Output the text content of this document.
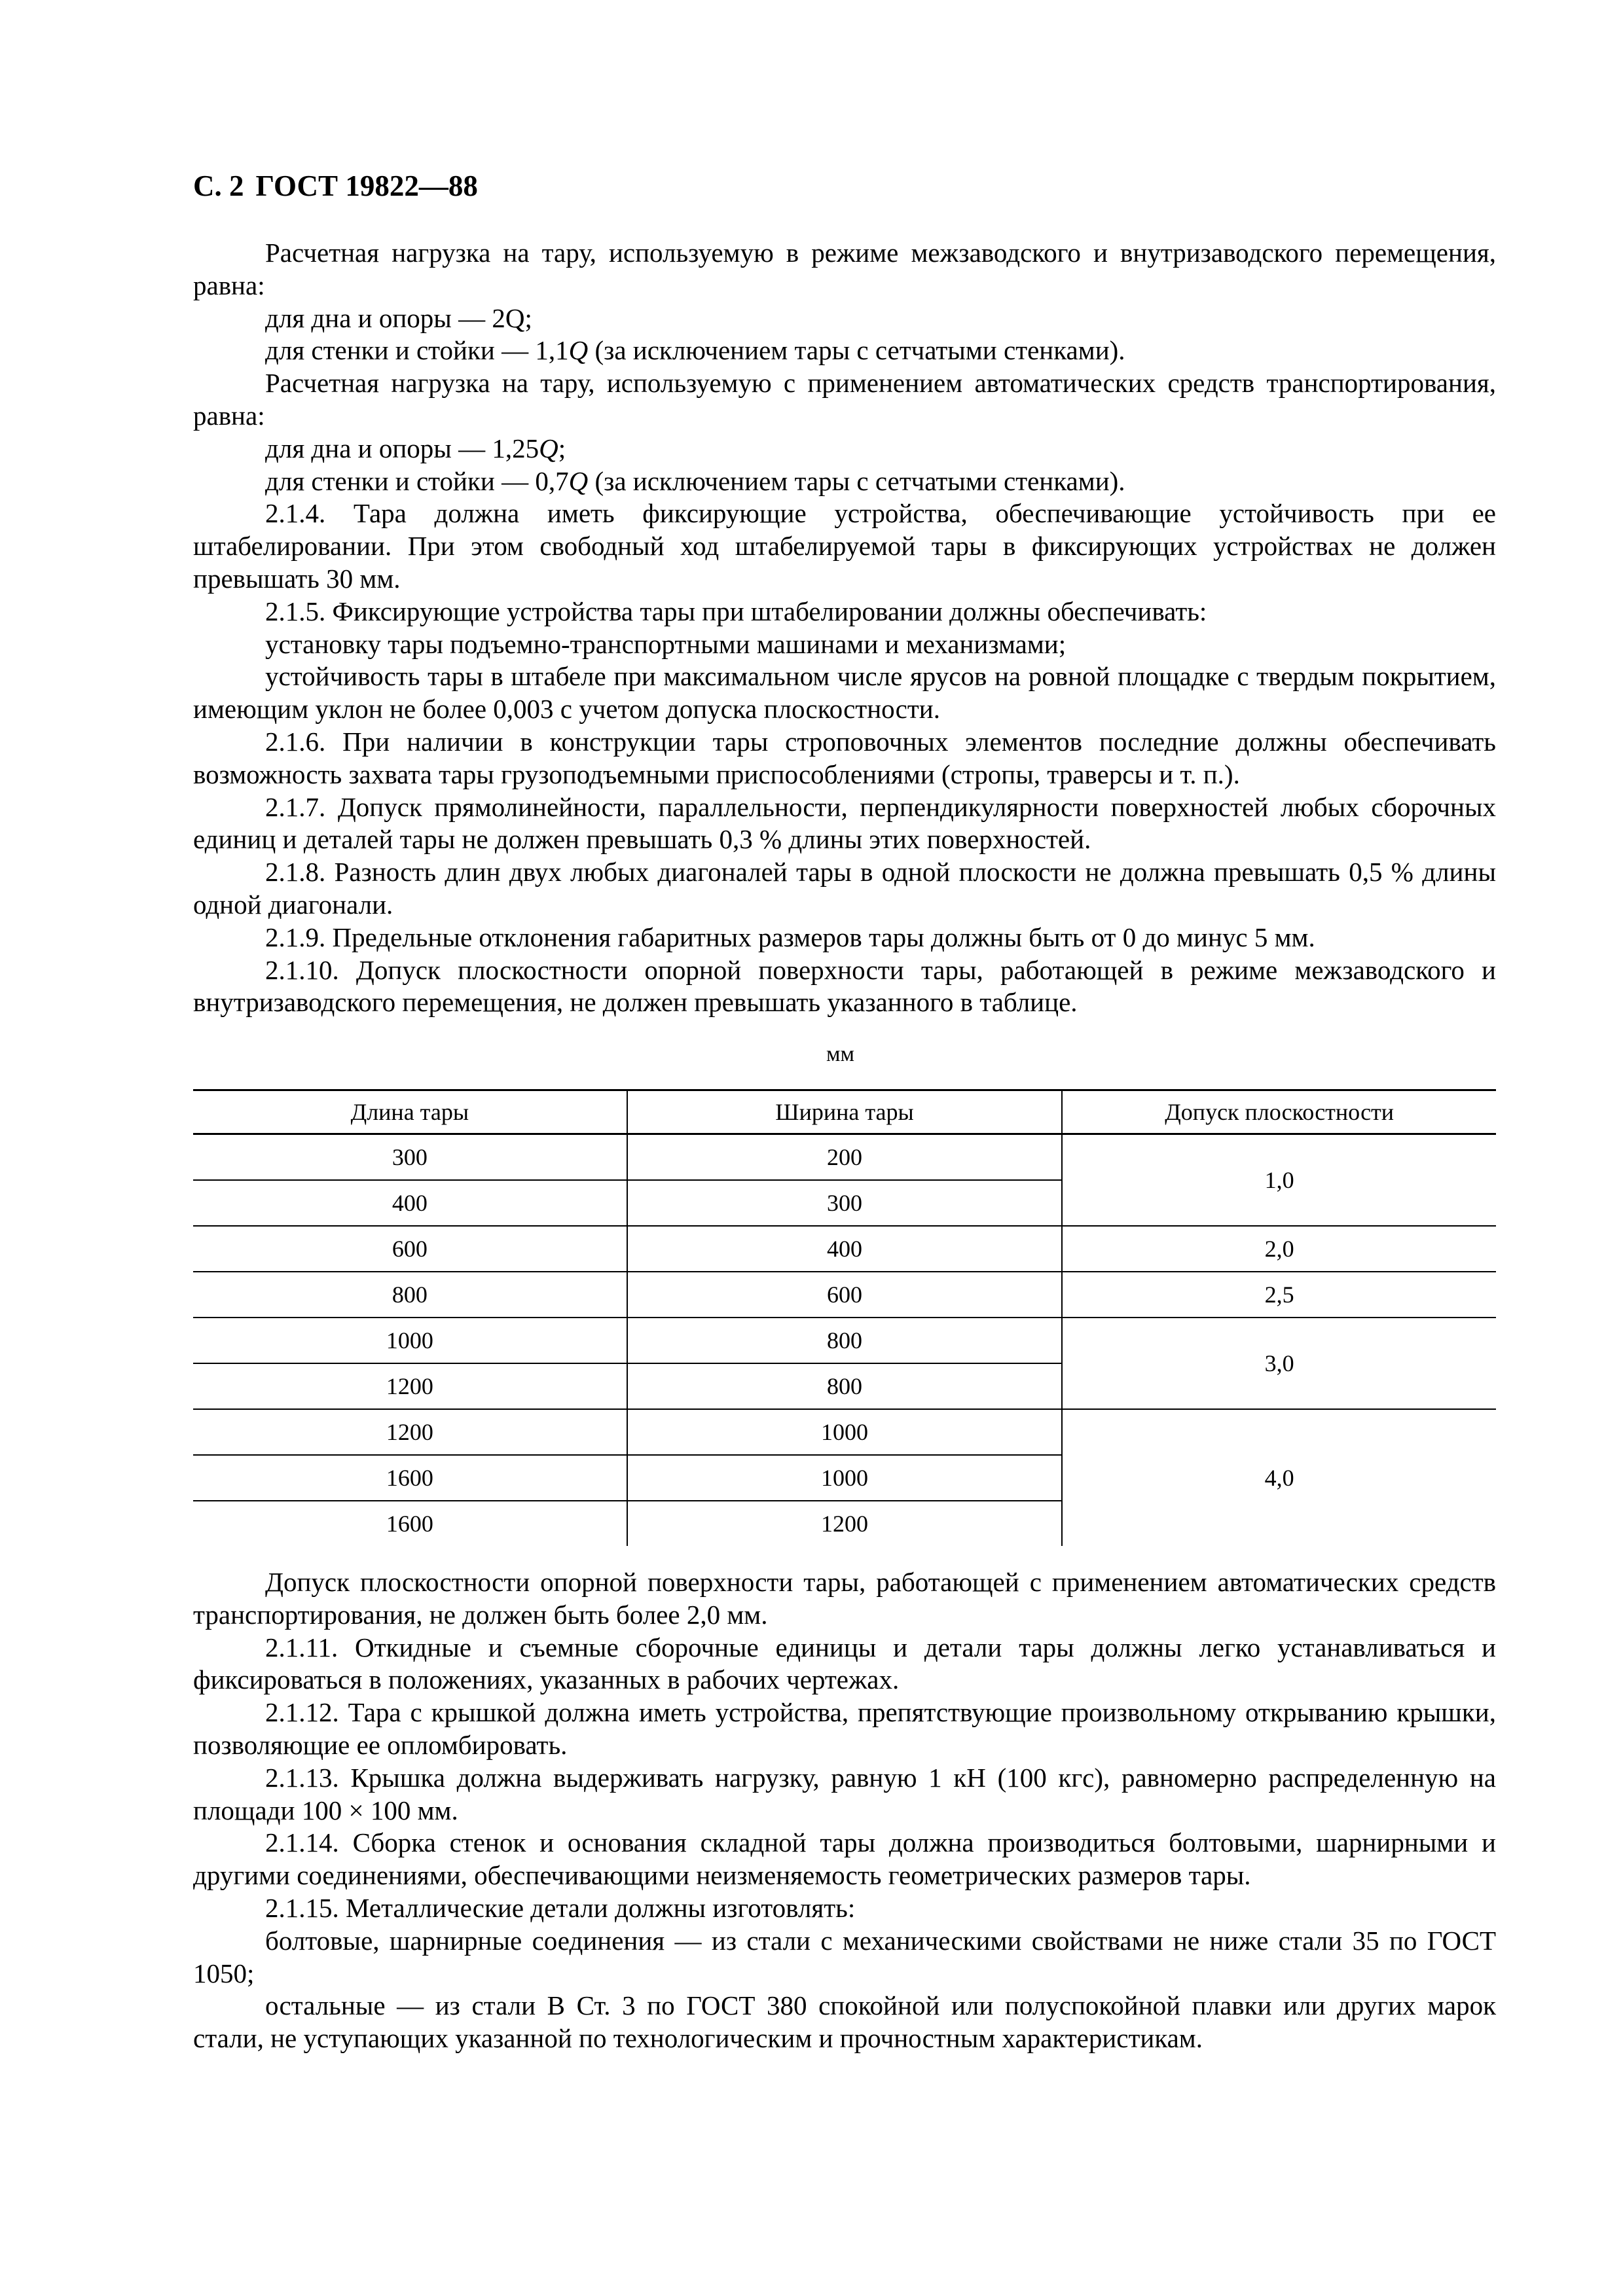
С. 2 ГОСТ 19822—88

Расчетная нагрузка на тару, используемую в режиме межзаводского и внутризаводского перемещения, равна:

для дна и опоры — 2Q;

для стенки и стойки — 1,1Q (за исключением тары с сетчатыми стенками).

Расчетная нагрузка на тару, используемую с применением автоматических средств транспортирования, равна:

для дна и опоры — 1,25Q;

для стенки и стойки — 0,7Q (за исключением тары с сетчатыми стенками).

2.1.4. Тара должна иметь фиксирующие устройства, обеспечивающие устойчивость при ее штабелировании. При этом свободный ход штабелируемой тары в фиксирующих устройствах не должен превышать 30 мм.

2.1.5. Фиксирующие устройства тары при штабелировании должны обеспечивать:

установку тары подъемно-транспортными машинами и механизмами;

устойчивость тары в штабеле при максимальном числе ярусов на ровной площадке с твердым покрытием, имеющим уклон не более 0,003 с учетом допуска плоскостности.

2.1.6. При наличии в конструкции тары строповочных элементов последние должны обеспечивать возможность захвата тары грузоподъемными приспособлениями (стропы, траверсы и т. п.).

2.1.7. Допуск прямолинейности, параллельности, перпендикулярности поверхностей любых сборочных единиц и деталей тары не должен превышать 0,3 % длины этих поверхностей.

2.1.8. Разность длин двух любых диагоналей тары в одной плоскости не должна превышать 0,5 % длины одной диагонали.

2.1.9. Предельные отклонения габаритных размеров тары должны быть от 0 до минус 5 мм.

2.1.10. Допуск плоскостности опорной поверхности тары, работающей в режиме межзаводского и внутризаводского перемещения, не должен превышать указанного в таблице.

мм
Длина тары	Ширина тары	Допуск плоскостности
300	200	1,0
400	300	
600	400	2,0
800	600	2,5
1000	800	3,0
1200	800	
1200	1000	4,0
1600	1000	
1600	1200	

Допуск плоскостности опорной поверхности тары, работающей с применением автоматических средств транспортирования, не должен быть более 2,0 мм.

2.1.11. Откидные и съемные сборочные единицы и детали тары должны легко устанавливаться и фиксироваться в положениях, указанных в рабочих чертежах.

2.1.12. Тара с крышкой должна иметь устройства, препятствующие произвольному открыванию крышки, позволяющие ее опломбировать.

2.1.13. Крышка должна выдерживать нагрузку, равную 1 кН (100 кгс), равномерно распределенную на площади 100 × 100 мм.

2.1.14. Сборка стенок и основания складной тары должна производиться болтовыми, шарнирными и другими соединениями, обеспечивающими неизменяемость геометрических размеров тары.

2.1.15. Металлические детали должны изготовлять:

болтовые, шарнирные соединения — из стали с механическими свойствами не ниже стали 35 по ГОСТ 1050;

остальные — из стали В Ст. 3 по ГОСТ 380 спокойной или полуспокойной плавки или других марок стали, не уступающих указанной по технологическим и прочностным характеристикам.
